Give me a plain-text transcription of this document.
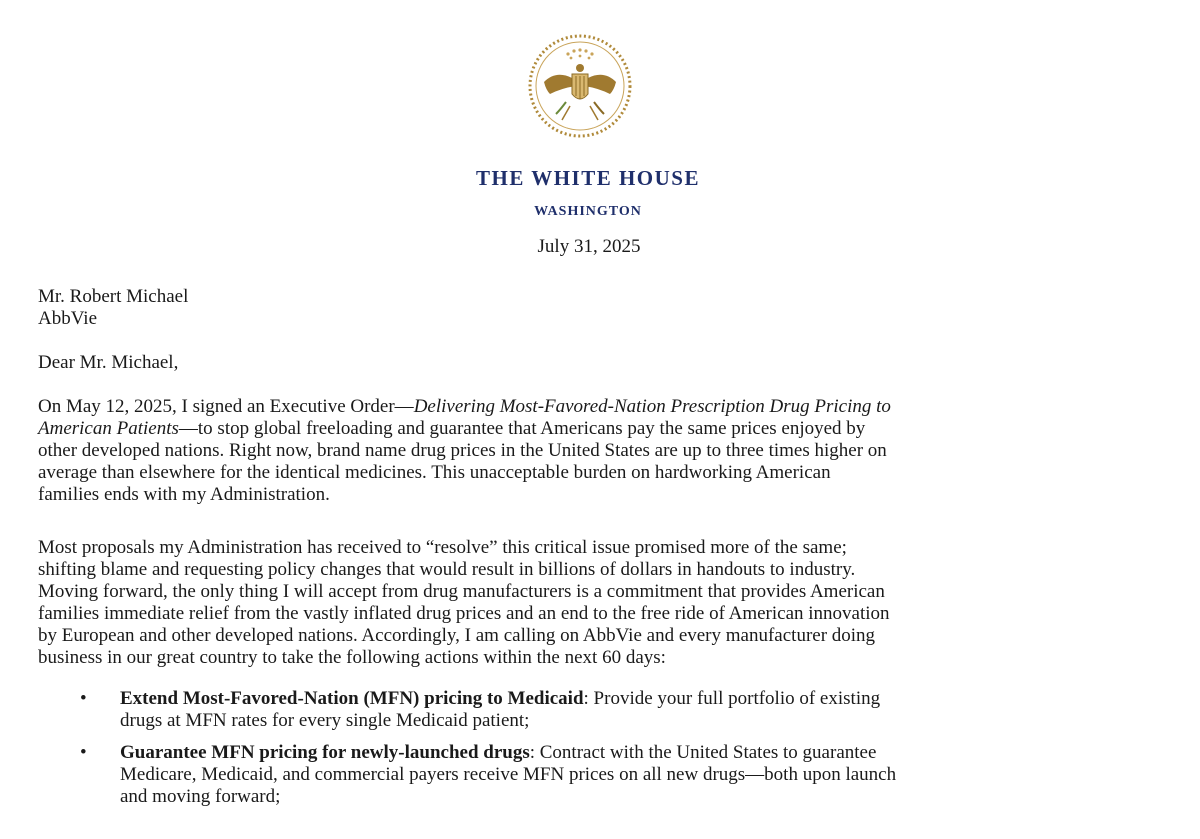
THE WHITE HOUSE
WASHINGTON
July 31, 2025
Mr. Robert Michael
AbbVie
Dear Mr. Michael,
On May 12, 2025, I signed an Executive Order—Delivering Most-Favored-Nation Prescription Drug Pricing to
American Patients—to stop global freeloading and guarantee that Americans pay the same prices enjoyed by
other developed nations. Right now, brand name drug prices in the United States are up to three times higher on
average than elsewhere for the identical medicines. This unacceptable burden on hardworking American
families ends with my Administration.
Most proposals my Administration has received to “resolve” this critical issue promised more of the same;
shifting blame and requesting policy changes that would result in billions of dollars in handouts to industry.
Moving forward, the only thing I will accept from drug manufacturers is a commitment that provides American
families immediate relief from the vastly inflated drug prices and an end to the free ride of American innovation
by European and other developed nations. Accordingly, I am calling on AbbVie and every manufacturer doing
business in our great country to take the following actions within the next 60 days:
• Extend Most-Favored-Nation (MFN) pricing to Medicaid: Provide your full portfolio of existing
drugs at MFN rates for every single Medicaid patient;
• Guarantee MFN pricing for newly-launched drugs: Contract with the United States to guarantee
Medicare, Medicaid, and commercial payers receive MFN prices on all new drugs—both upon launch
and moving forward;
